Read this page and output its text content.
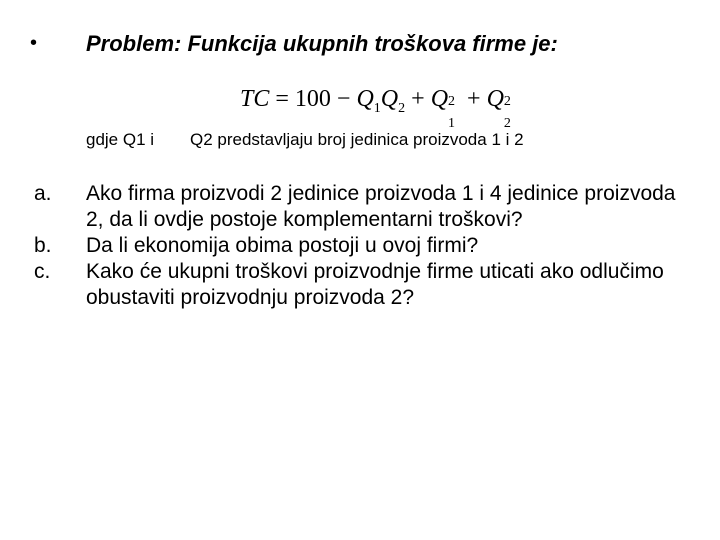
• Problem: Funkcija ukupnih troškova firme je:
TC = $100 - Q_1Q_2 + Q$ 2
1
+ Q 2
2
gdje Q1 i Q2 predstavljaju broj jedinica proizvoda 1 i 2
a.	Ako firma proizvodi 2 jedinice proizvoda 1 i 4 jedinice proizvoda 2, da li ovdje postoje komplementarni troškovi?
b.	Da li ekonomija obima postoji u ovoj firmi?
c.	Kako će ukupni troškovi proizvodnje firme uticati ako odlučimo obustaviti proizvodnju proizvoda 2?
